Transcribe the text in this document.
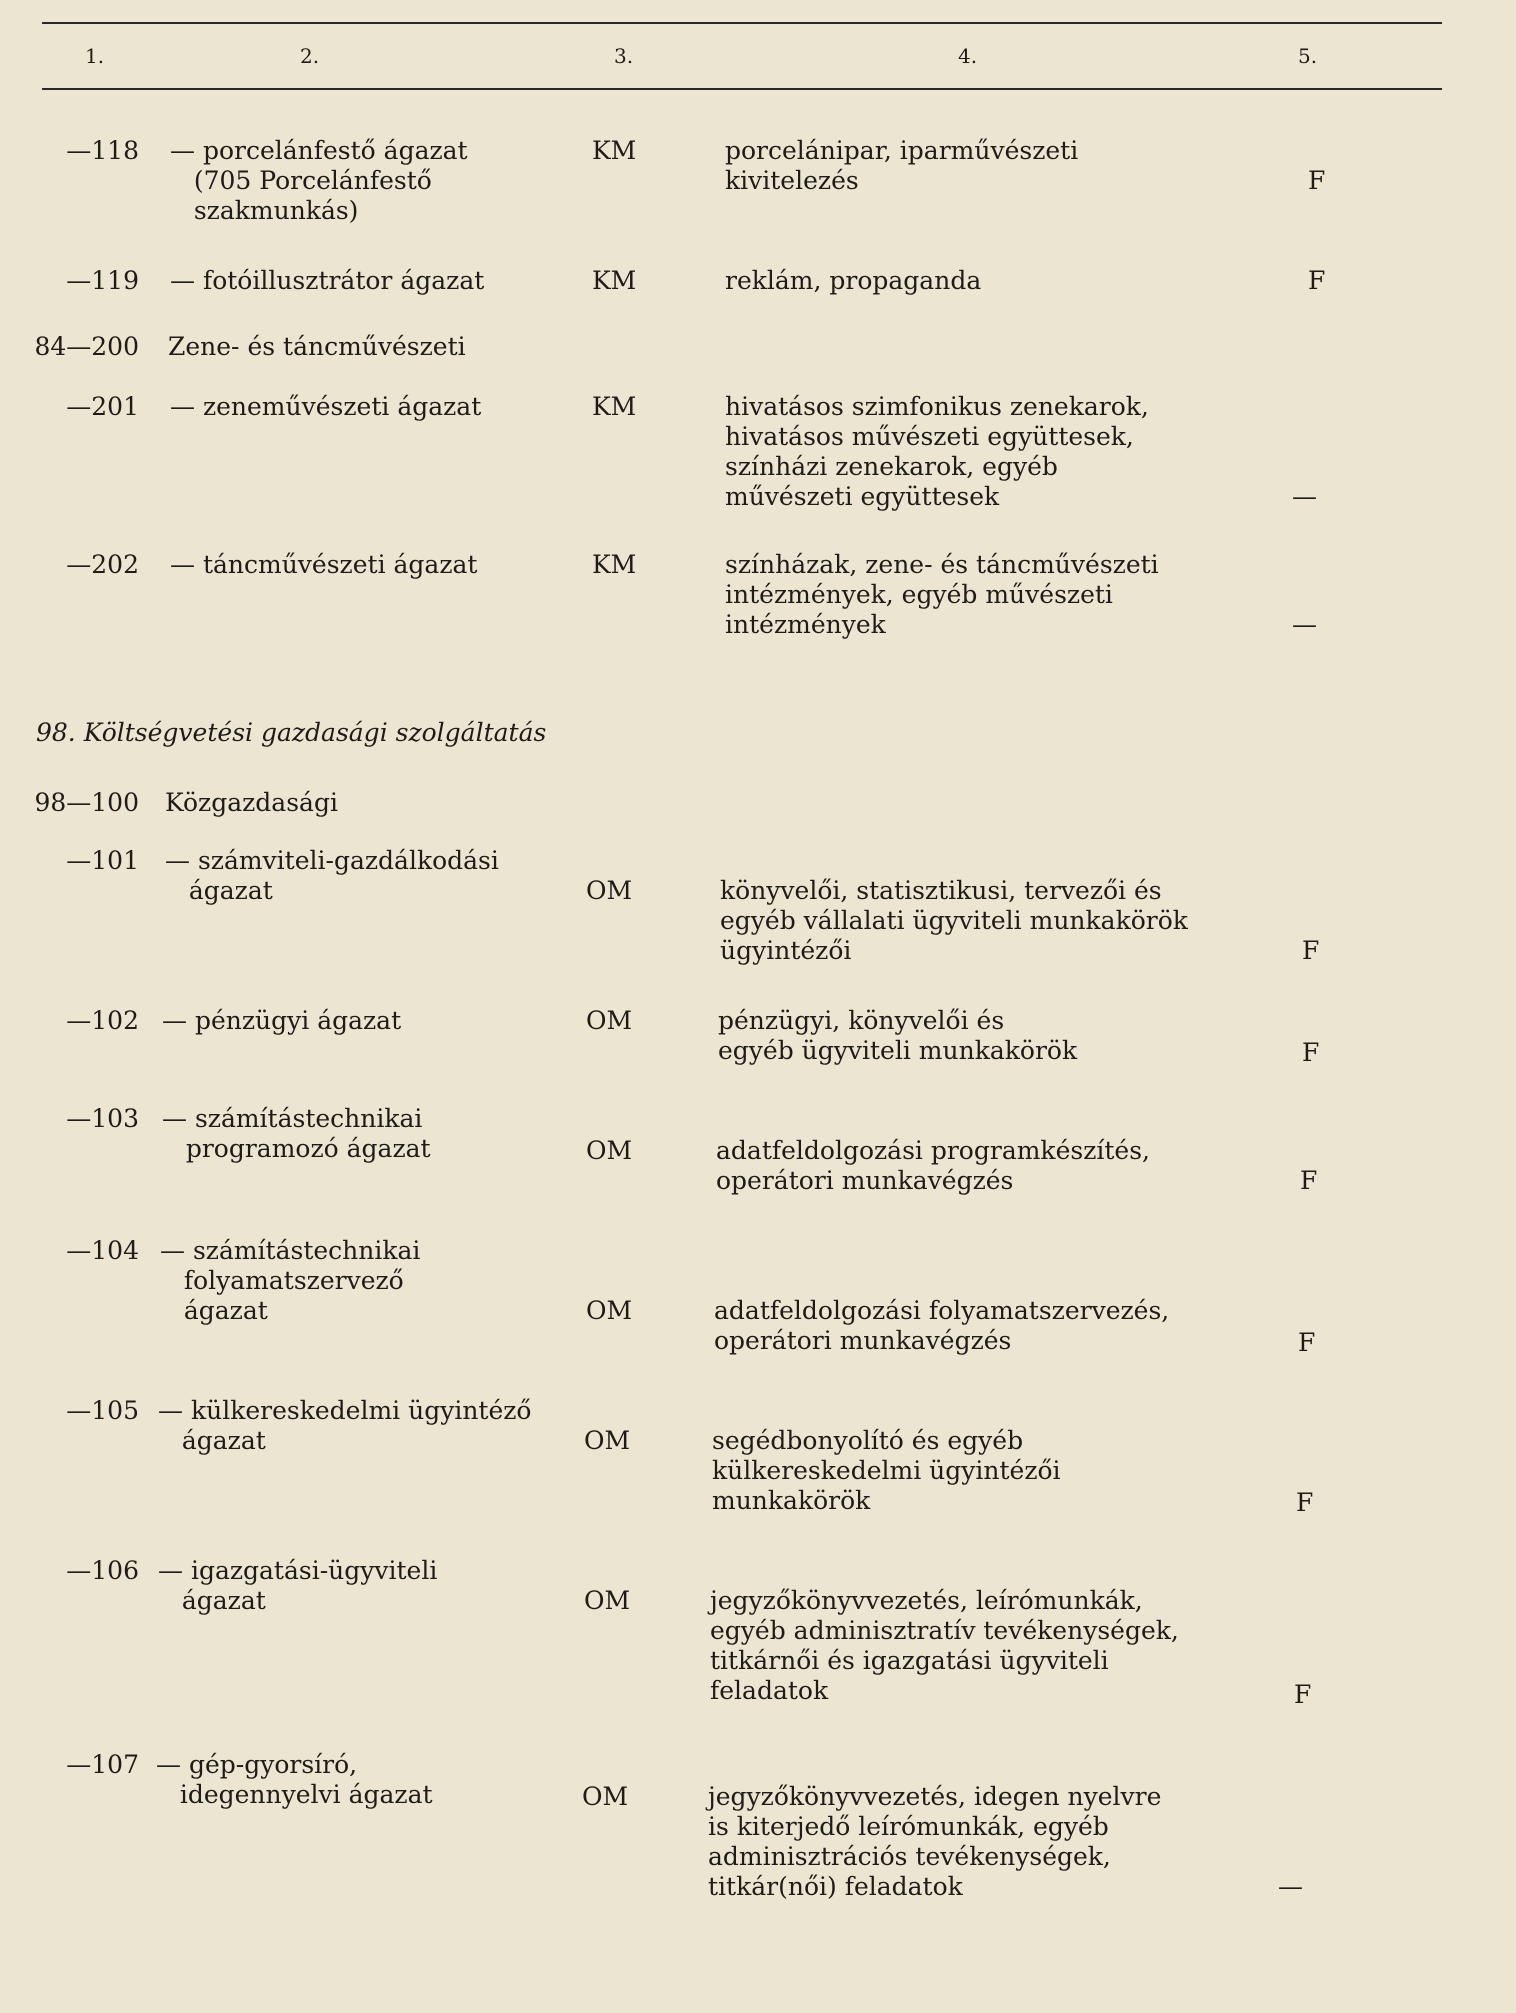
1.	2.	3.	4.	5.
—118 — porcelánfestő ágazat
(705 Porcelánfestő
szakmunkás)
KM	porcelánipar, iparművészeti
kivitelezés	F
—119 — fotóillusztrátor ágazat	KM	reklám, propaganda	F
84—200 Zene- és táncművészeti
—201 — zeneművészeti ágazat	KM	hivatásos szimfonikus zenekarok,
hivatásos művészeti együttesek,
színházi zenekarok, egyéb
művészeti együttesek	—
—202 — táncművészeti ágazat	KM	színházak, zene- és táncművészeti
intézmények, egyéb művészeti
intézmények	—
98. Költségvetési gazdasági szolgáltatás
98—100 Közgazdasági
—101 — számviteli-gazdálkodási
ágazat	OM	könyvelői, statisztikusi, tervezői és
egyéb vállalati ügyviteli munkakörök
ügyintézői	F
—102 — pénzügyi ágazat	OM	pénzügyi, könyvelői és
egyéb ügyviteli munkakörök	F
—103 — számítástechnikai
programozó ágazat	OM	adatfeldolgozási programkészítés,
operátori munkavégzés	F
—104 — számítástechnikai
folyamatszervező
ágazat	OM	adatfeldolgozási folyamatszervezés,
operátori munkavégzés	F
—105 — külkereskedelmi ügyintéző
ágazat	OM	segédbonyolító és egyéb
külkereskedelmi ügyintézői
munkakörök	F
—106 — igazgatási-ügyviteli
ágazat	OM	jegyzőkönyvvezetés, leírómunkák,
egyéb adminisztratív tevékenységek,
titkárnői és igazgatási ügyviteli
feladatok	F
—107 — gép-gyorsíró,
idegennyelvi ágazat	OM	jegyzőkönyvvezetés, idegen nyelvre
is kiterjedő leírómunkák, egyéb
adminisztrációs tevékenységek,
titkár(női) feladatok	—
